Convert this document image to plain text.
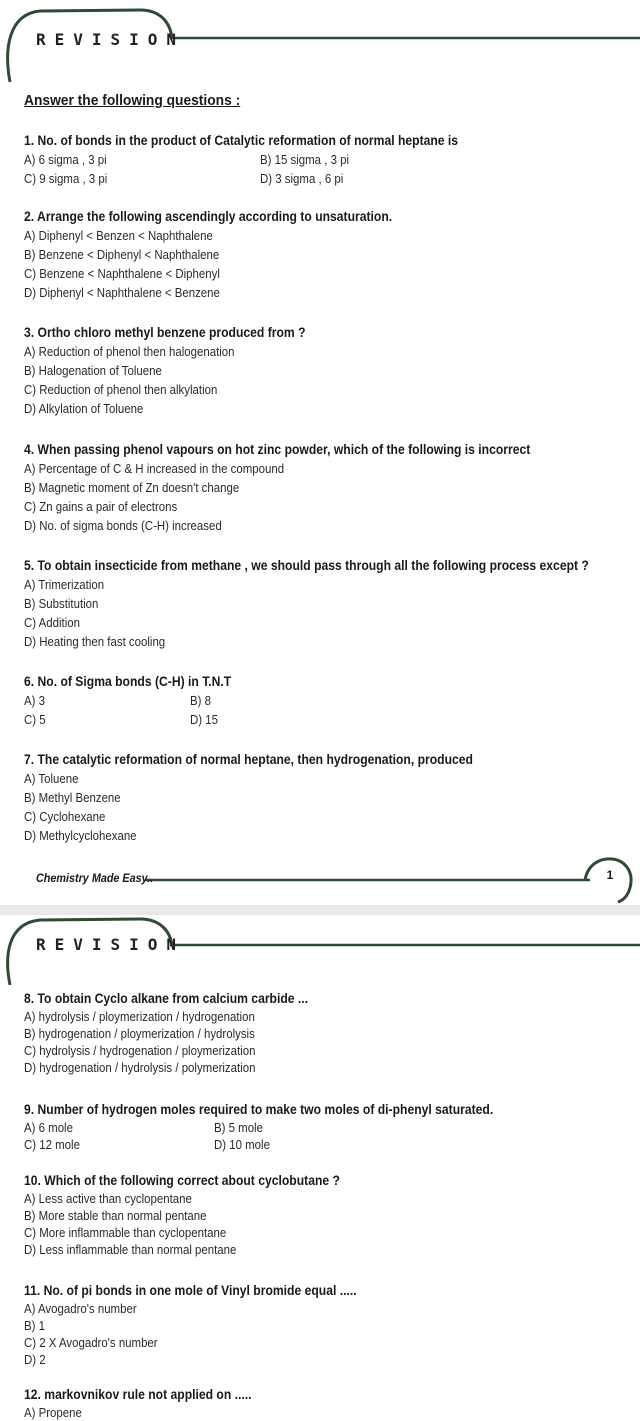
REVISION
Answer the following questions :
1. No. of bonds in the product of Catalytic reformation of normal heptane is
A) 6 sigma , 3 pi	B) 15 sigma , 3 pi
C) 9 sigma , 3 pi	D) 3 sigma , 6 pi
2. Arrange the following ascendingly according to unsaturation.
A) Diphenyl < Benzen < Naphthalene
B) Benzene < Diphenyl < Naphthalene
C) Benzene < Naphthalene < Diphenyl
D) Diphenyl < Naphthalene < Benzene
3. Ortho chloro methyl benzene produced from ?
A) Reduction of phenol then halogenation
B) Halogenation of Toluene
C) Reduction of phenol then alkylation
D) Alkylation of Toluene
4. When passing phenol vapours on hot zinc powder, which of the following is incorrect
A) Percentage of C & H increased in the compound
B) Magnetic moment of Zn doesn't change
C) Zn gains a pair of electrons
D) No. of sigma bonds (C-H) increased
5. To obtain insecticide from methane , we should pass through all the following process except ?
A) Trimerization
B) Substitution
C) Addition
D) Heating then fast cooling
6. No. of Sigma bonds (C-H) in T.N.T
A) 3	B) 8
C) 5	D) 15
7. The catalytic reformation of normal heptane, then hydrogenation, produced
A) Toluene
B) Methyl Benzene
C) Cyclohexane
D) Methylcyclohexane
Chemistry Made Easy..	1
REVISION
8. To obtain Cyclo alkane from calcium carbide ...
A) hydrolysis / ploymerization / hydrogenation
B) hydrogenation / ploymerization / hydrolysis
C) hydrolysis / hydrogenation / ploymerization
D) hydrogenation / hydrolysis / polymerization
9. Number of hydrogen moles required to make two moles of di-phenyl saturated.
A) 6 mole	B) 5 mole
C) 12 mole	D) 10 mole
10. Which of the following correct about cyclobutane ?
A) Less active than cyclopentane
B) More stable than normal pentane
C) More inflammable than cyclopentane
D) Less inflammable than normal pentane
11. No. of pi bonds in one mole of Vinyl bromide equal .....
A) Avogadro's number
B) 1
C) 2 X Avogadro's number
D) 2
12. markovnikov rule not applied on .....
A) Propene
